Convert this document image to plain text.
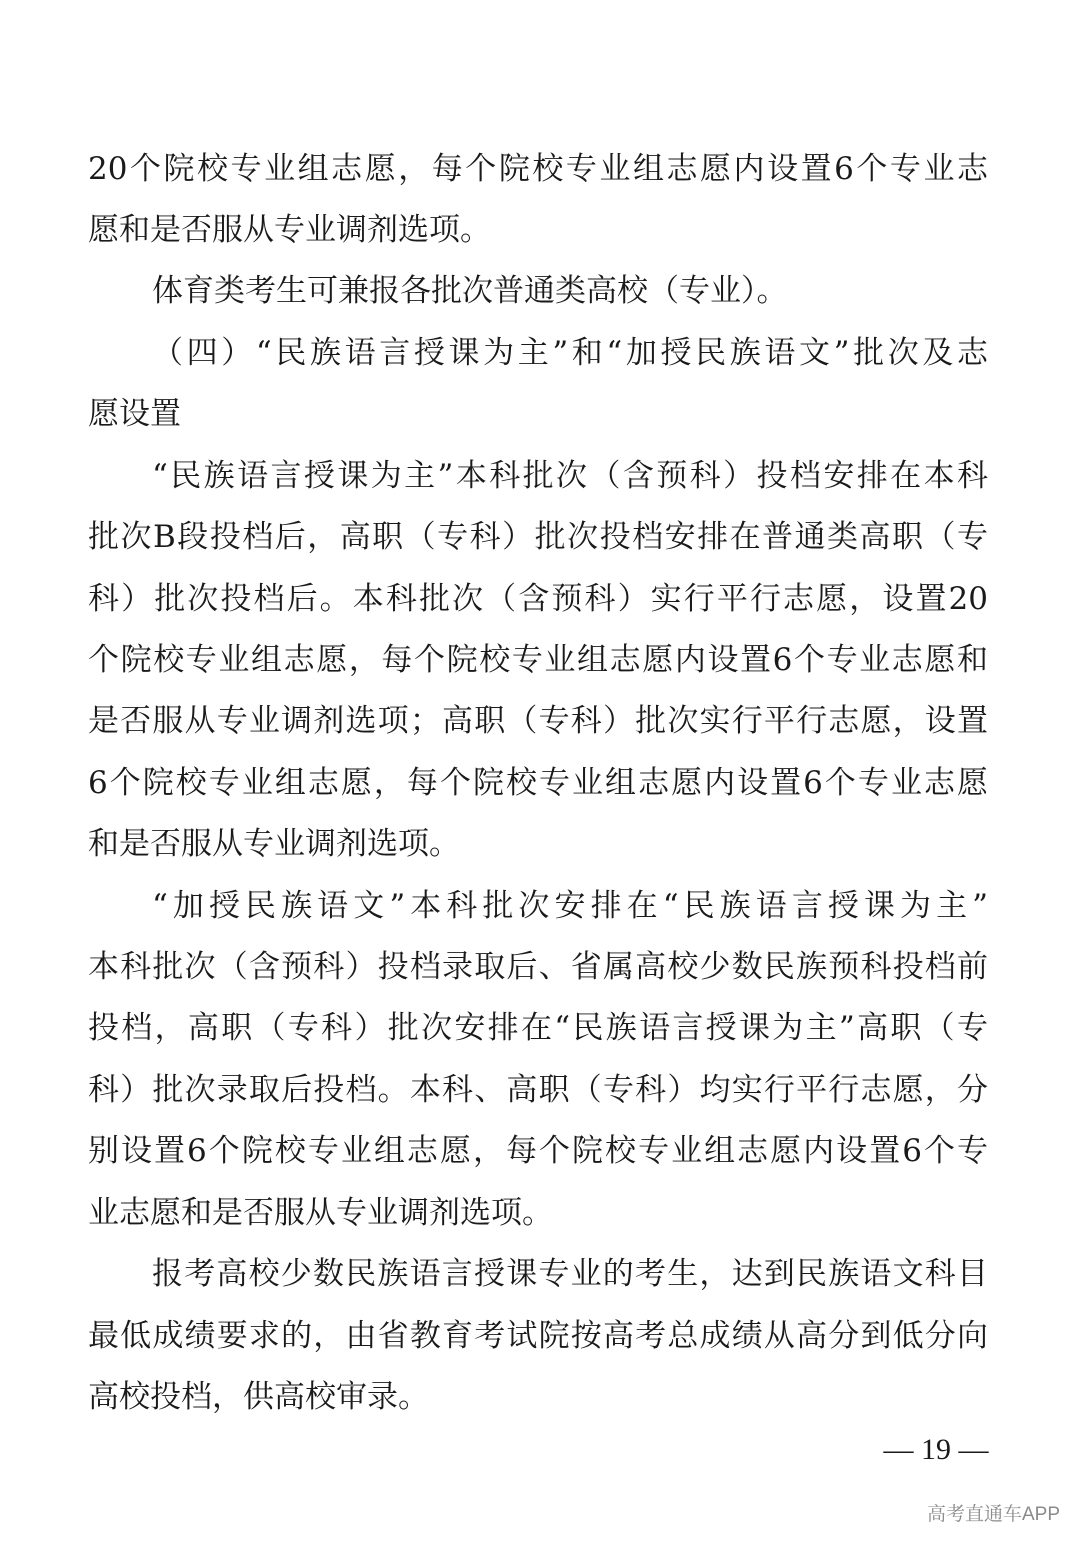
20个院校专业组志愿，每个院校专业组志愿内设置6个专业志
愿和是否服从专业调剂选项。
体育类考生可兼报各批次普通类高校（专业）。
（四）“民族语言授课为主”和“加授民族语文”批次及志
愿设置
“民族语言授课为主”本科批次（含预科）投档安排在本科
批次B段投档后，高职（专科）批次投档安排在普通类高职（专
科）批次投档后。本科批次（含预科）实行平行志愿，设置20
个院校专业组志愿，每个院校专业组志愿内设置6个专业志愿和
是否服从专业调剂选项；高职（专科）批次实行平行志愿，设置
6个院校专业组志愿，每个院校专业组志愿内设置6个专业志愿
和是否服从专业调剂选项。
“加授民族语文”本科批次安排在“民族语言授课为主”
本科批次（含预科）投档录取后、省属高校少数民族预科投档前
投档，高职（专科）批次安排在“民族语言授课为主”高职（专
科）批次录取后投档。本科、高职（专科）均实行平行志愿，分
别设置6个院校专业组志愿，每个院校专业组志愿内设置6个专
业志愿和是否服从专业调剂选项。
报考高校少数民族语言授课专业的考生，达到民族语文科目
最低成绩要求的，由省教育考试院按高考总成绩从高分到低分向
高校投档，供高校审录。
— 19 —
高考直通车APP
